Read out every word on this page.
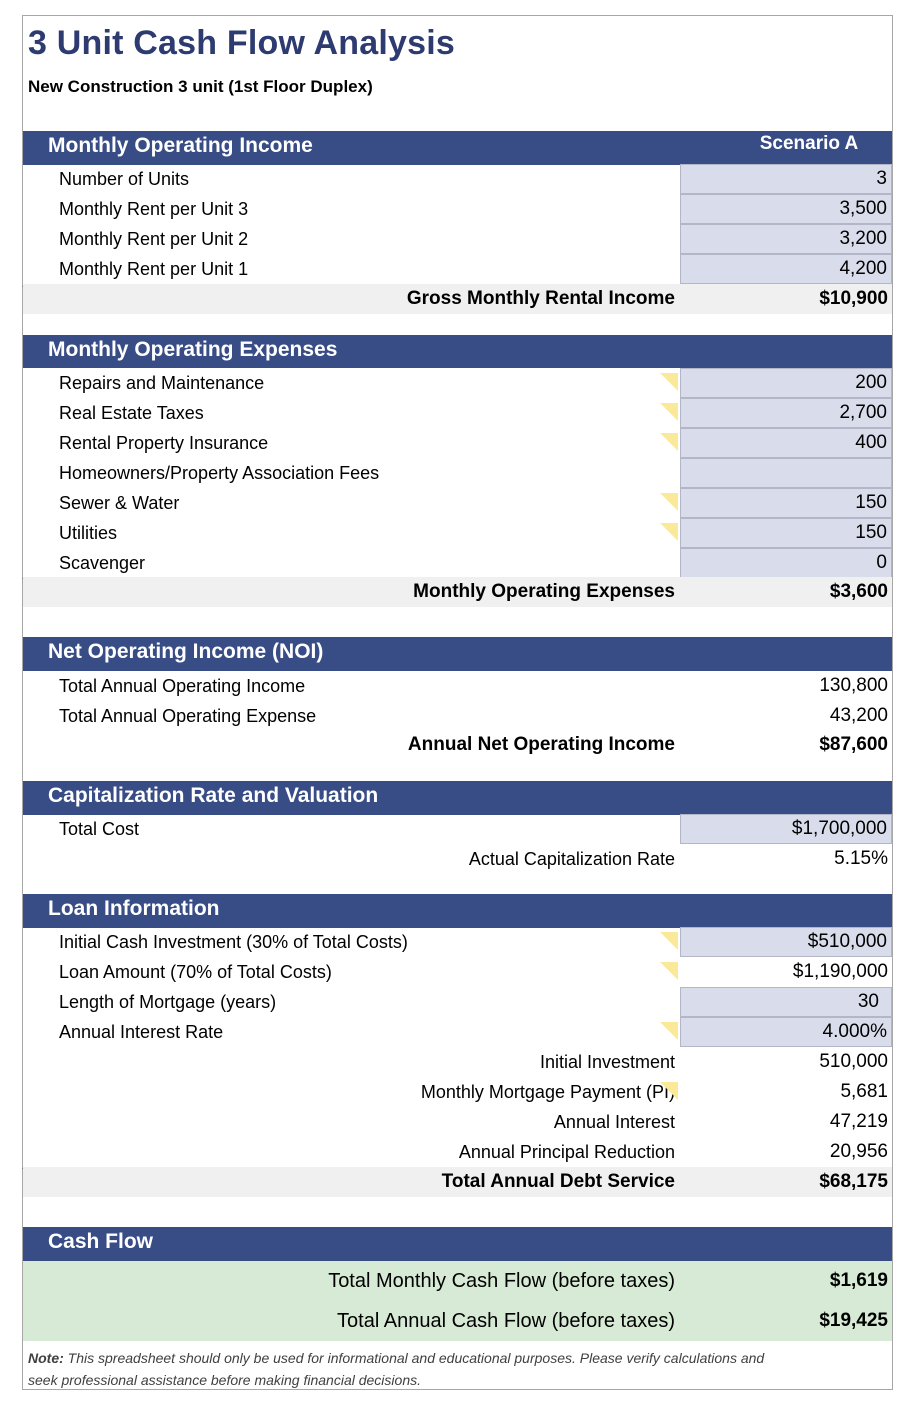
3 Unit Cash Flow Analysis
New Construction 3 unit (1st Floor Duplex)
Monthly Operating Income	Scenario A
Number of Units	3
Monthly Rent per Unit 3	3,500
Monthly Rent per Unit 2	3,200
Monthly Rent per Unit 1	4,200
Gross Monthly Rental Income	$10,900
Monthly Operating Expenses
Repairs and Maintenance	200
Real Estate Taxes	2,700
Rental Property Insurance	400
Homeowners/Property Association Fees
Sewer & Water	150
Utilities	150
Scavenger	0
Monthly Operating Expenses	$3,600
Net Operating Income (NOI)
Total Annual Operating Income	130,800
Total Annual Operating Expense	43,200
Annual Net Operating Income	$87,600
Capitalization Rate and Valuation
Total Cost	$1,700,000
Actual Capitalization Rate	5.15%
Loan Information
Initial Cash Investment (30% of Total Costs)	$510,000
Loan Amount (70% of Total Costs)	$1,190,000
Length of Mortgage (years)	30
Annual Interest Rate	4.000%
Initial Investment	510,000
Monthly Mortgage Payment (PI)	5,681
Annual Interest	47,219
Annual Principal Reduction	20,956
Total Annual Debt Service	$68,175
Cash Flow
Total Monthly Cash Flow (before taxes)	$1,619
Total Annual Cash Flow (before taxes)	$19,425
Note: This spreadsheet should only be used for informational and educational purposes. Please verify calculations and seek professional assistance before making financial decisions.
